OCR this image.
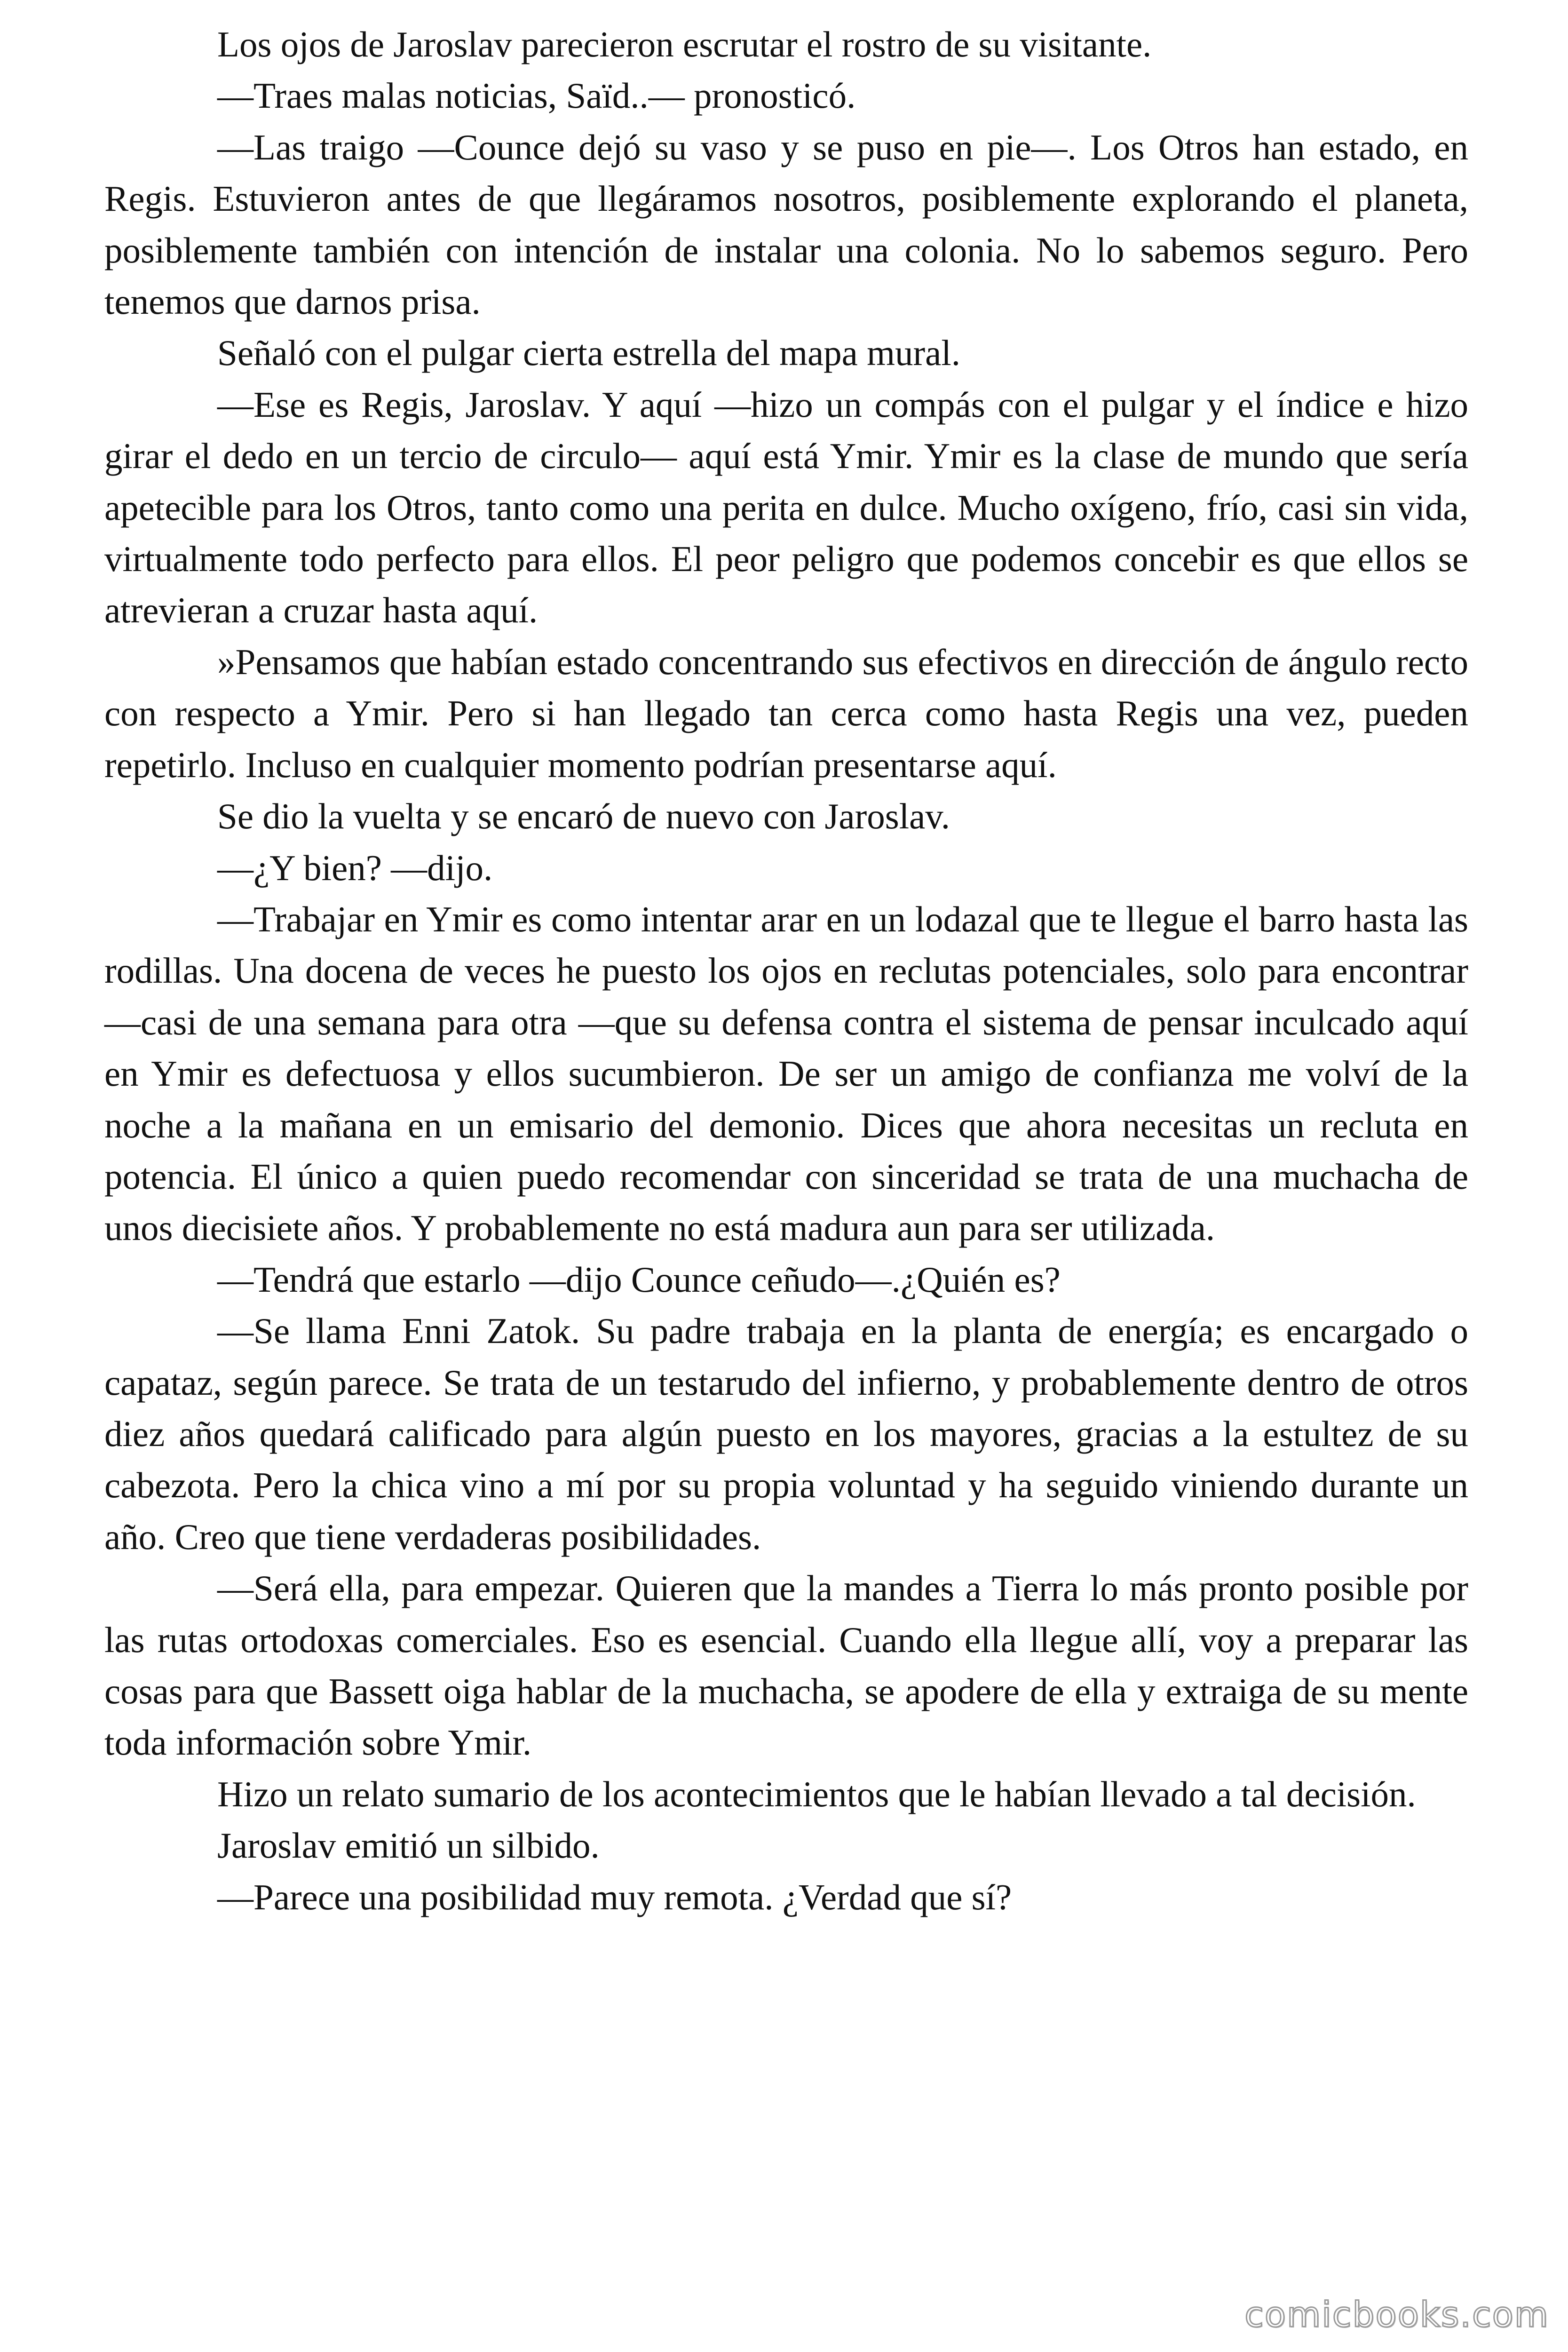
Los ojos de Jaroslav parecieron escrutar el rostro de su visitante.

—Traes malas noticias, Saïd..— pronosticó.

—Las traigo —Counce dejó su vaso y se puso en pie—. Los Otros han estado, en Regis. Estuvieron antes de que llegáramos nosotros, posiblemente explorando el planeta, posiblemente también con intención de instalar una colonia. No lo sabemos seguro. Pero tenemos que darnos prisa.

Señaló con el pulgar cierta estrella del mapa mural.

—Ese es Regis, Jaroslav. Y aquí —hizo un compás con el pulgar y el índice e hizo girar el dedo en un tercio de circulo— aquí está Ymir. Ymir es la clase de mundo que sería apetecible para los Otros, tanto como una perita en dulce. Mucho oxígeno, frío, casi sin vida, virtualmente todo perfecto para ellos. El peor peligro que podemos concebir es que ellos se atrevieran a cruzar hasta aquí.

»Pensamos que habían estado concentrando sus efectivos en dirección de ángulo recto con respecto a Ymir. Pero si han llegado tan cerca como hasta Regis una vez, pueden repetirlo. Incluso en cualquier momento podrían presentarse aquí.

Se dio la vuelta y se encaró de nuevo con Jaroslav.

—¿Y bien? —dijo.

—Trabajar en Ymir es como intentar arar en un lodazal que te llegue el barro hasta las rodillas. Una docena de veces he puesto los ojos en reclutas potenciales, solo para encontrar —casi de una semana para otra —que su defensa contra el sistema de pensar inculcado aquí en Ymir es defectuosa y ellos sucumbieron. De ser un amigo de confianza me volví de la noche a la mañana en un emisario del demonio. Dices que ahora necesitas un recluta en potencia. El único a quien puedo recomendar con sinceridad se trata de una muchacha de unos diecisiete años. Y probablemente no está madura aun para ser utilizada.

—Tendrá que estarlo —dijo Counce ceñudo—.¿Quién es?

—Se llama Enni Zatok. Su padre trabaja en la planta de energía; es encargado o capataz, según parece. Se trata de un testarudo del infierno, y probablemente dentro de otros diez años quedará calificado para algún puesto en los mayores, gracias a la estultez de su cabezota. Pero la chica vino a mí por su propia voluntad y ha seguido viniendo durante un año. Creo que tiene verdaderas posibilidades.

—Será ella, para empezar. Quieren que la mandes a Tierra lo más pronto posible por las rutas ortodoxas comerciales. Eso es esencial. Cuando ella llegue allí, voy a preparar las cosas para que Bassett oiga hablar de la muchacha, se apodere de ella y extraiga de su mente toda información sobre Ymir.

Hizo un relato sumario de los acontecimientos que le habían llevado a tal decisión.

Jaroslav emitió un silbido.

—Parece una posibilidad muy remota. ¿Verdad que sí?

comicbooks.com
